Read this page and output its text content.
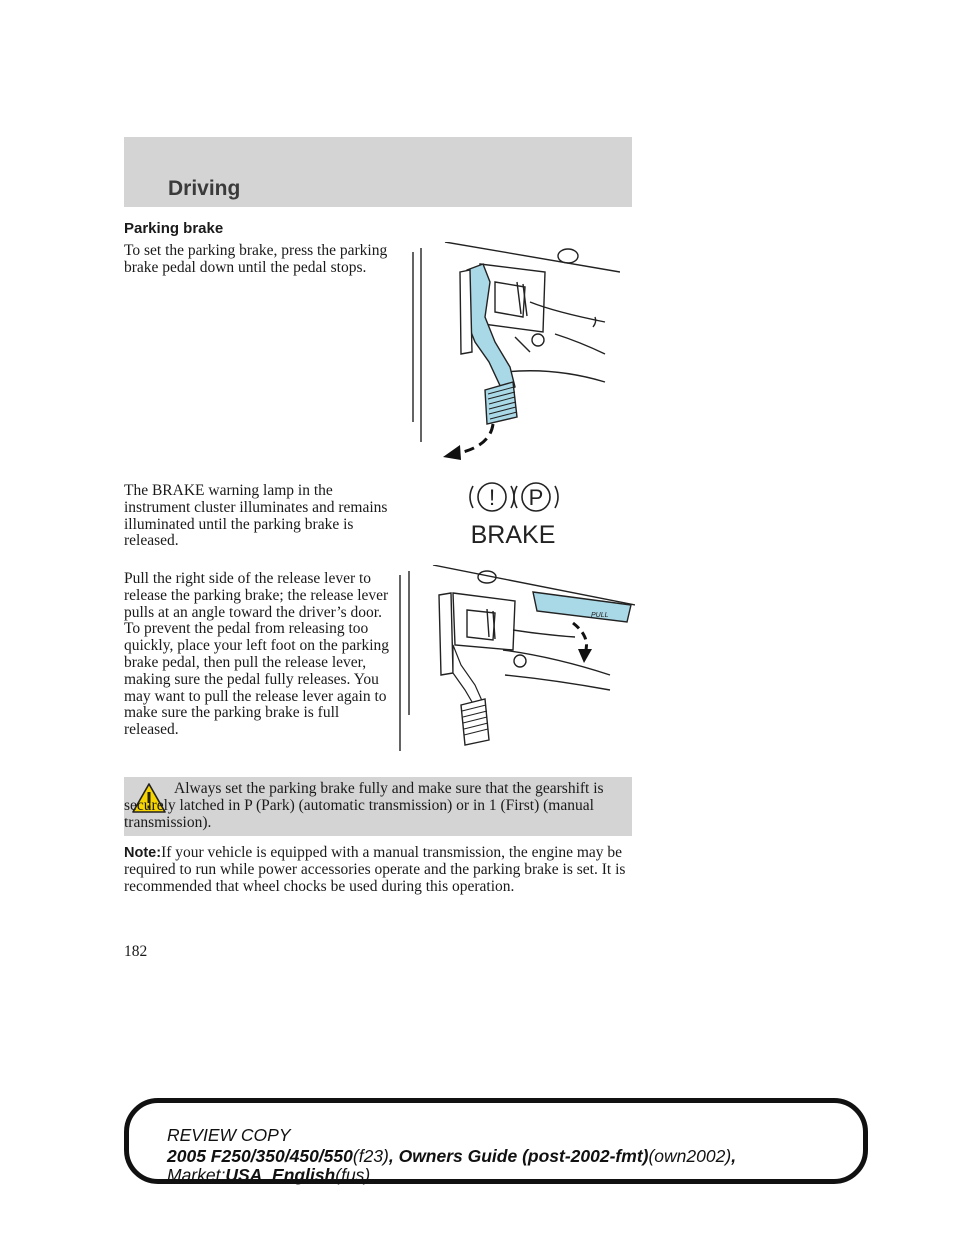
Driving
Parking brake

To set the parking brake, press the parking brake pedal down until the pedal stops.

The BRAKE warning lamp in the instrument cluster illuminates and remains illuminated until the parking brake is released.

Pull the right side of the release lever to release the parking brake; the release lever pulls at an angle toward the driver’s door. To prevent the pedal from releasing too quickly, place your left foot on the parking brake pedal, then pull the release lever, making sure the pedal fully releases. You may want to pull the release lever again to make sure the parking brake is full released.

! P
BRAKE
PULL

Always set the parking brake fully and make sure that the gearshift is securely latched in P (Park) (automatic transmission) or in 1 (First) (manual transmission).

Note:If your vehicle is equipped with a manual transmission, the engine may be required to run while power accessories operate and the parking brake is set. It is recommended that wheel chocks be used during this operation.

182
REVIEW COPY
2005 F250/350/450/550(f23), Owners Guide (post-2002-fmt)(own2002),
Market:USA_English(fus)
